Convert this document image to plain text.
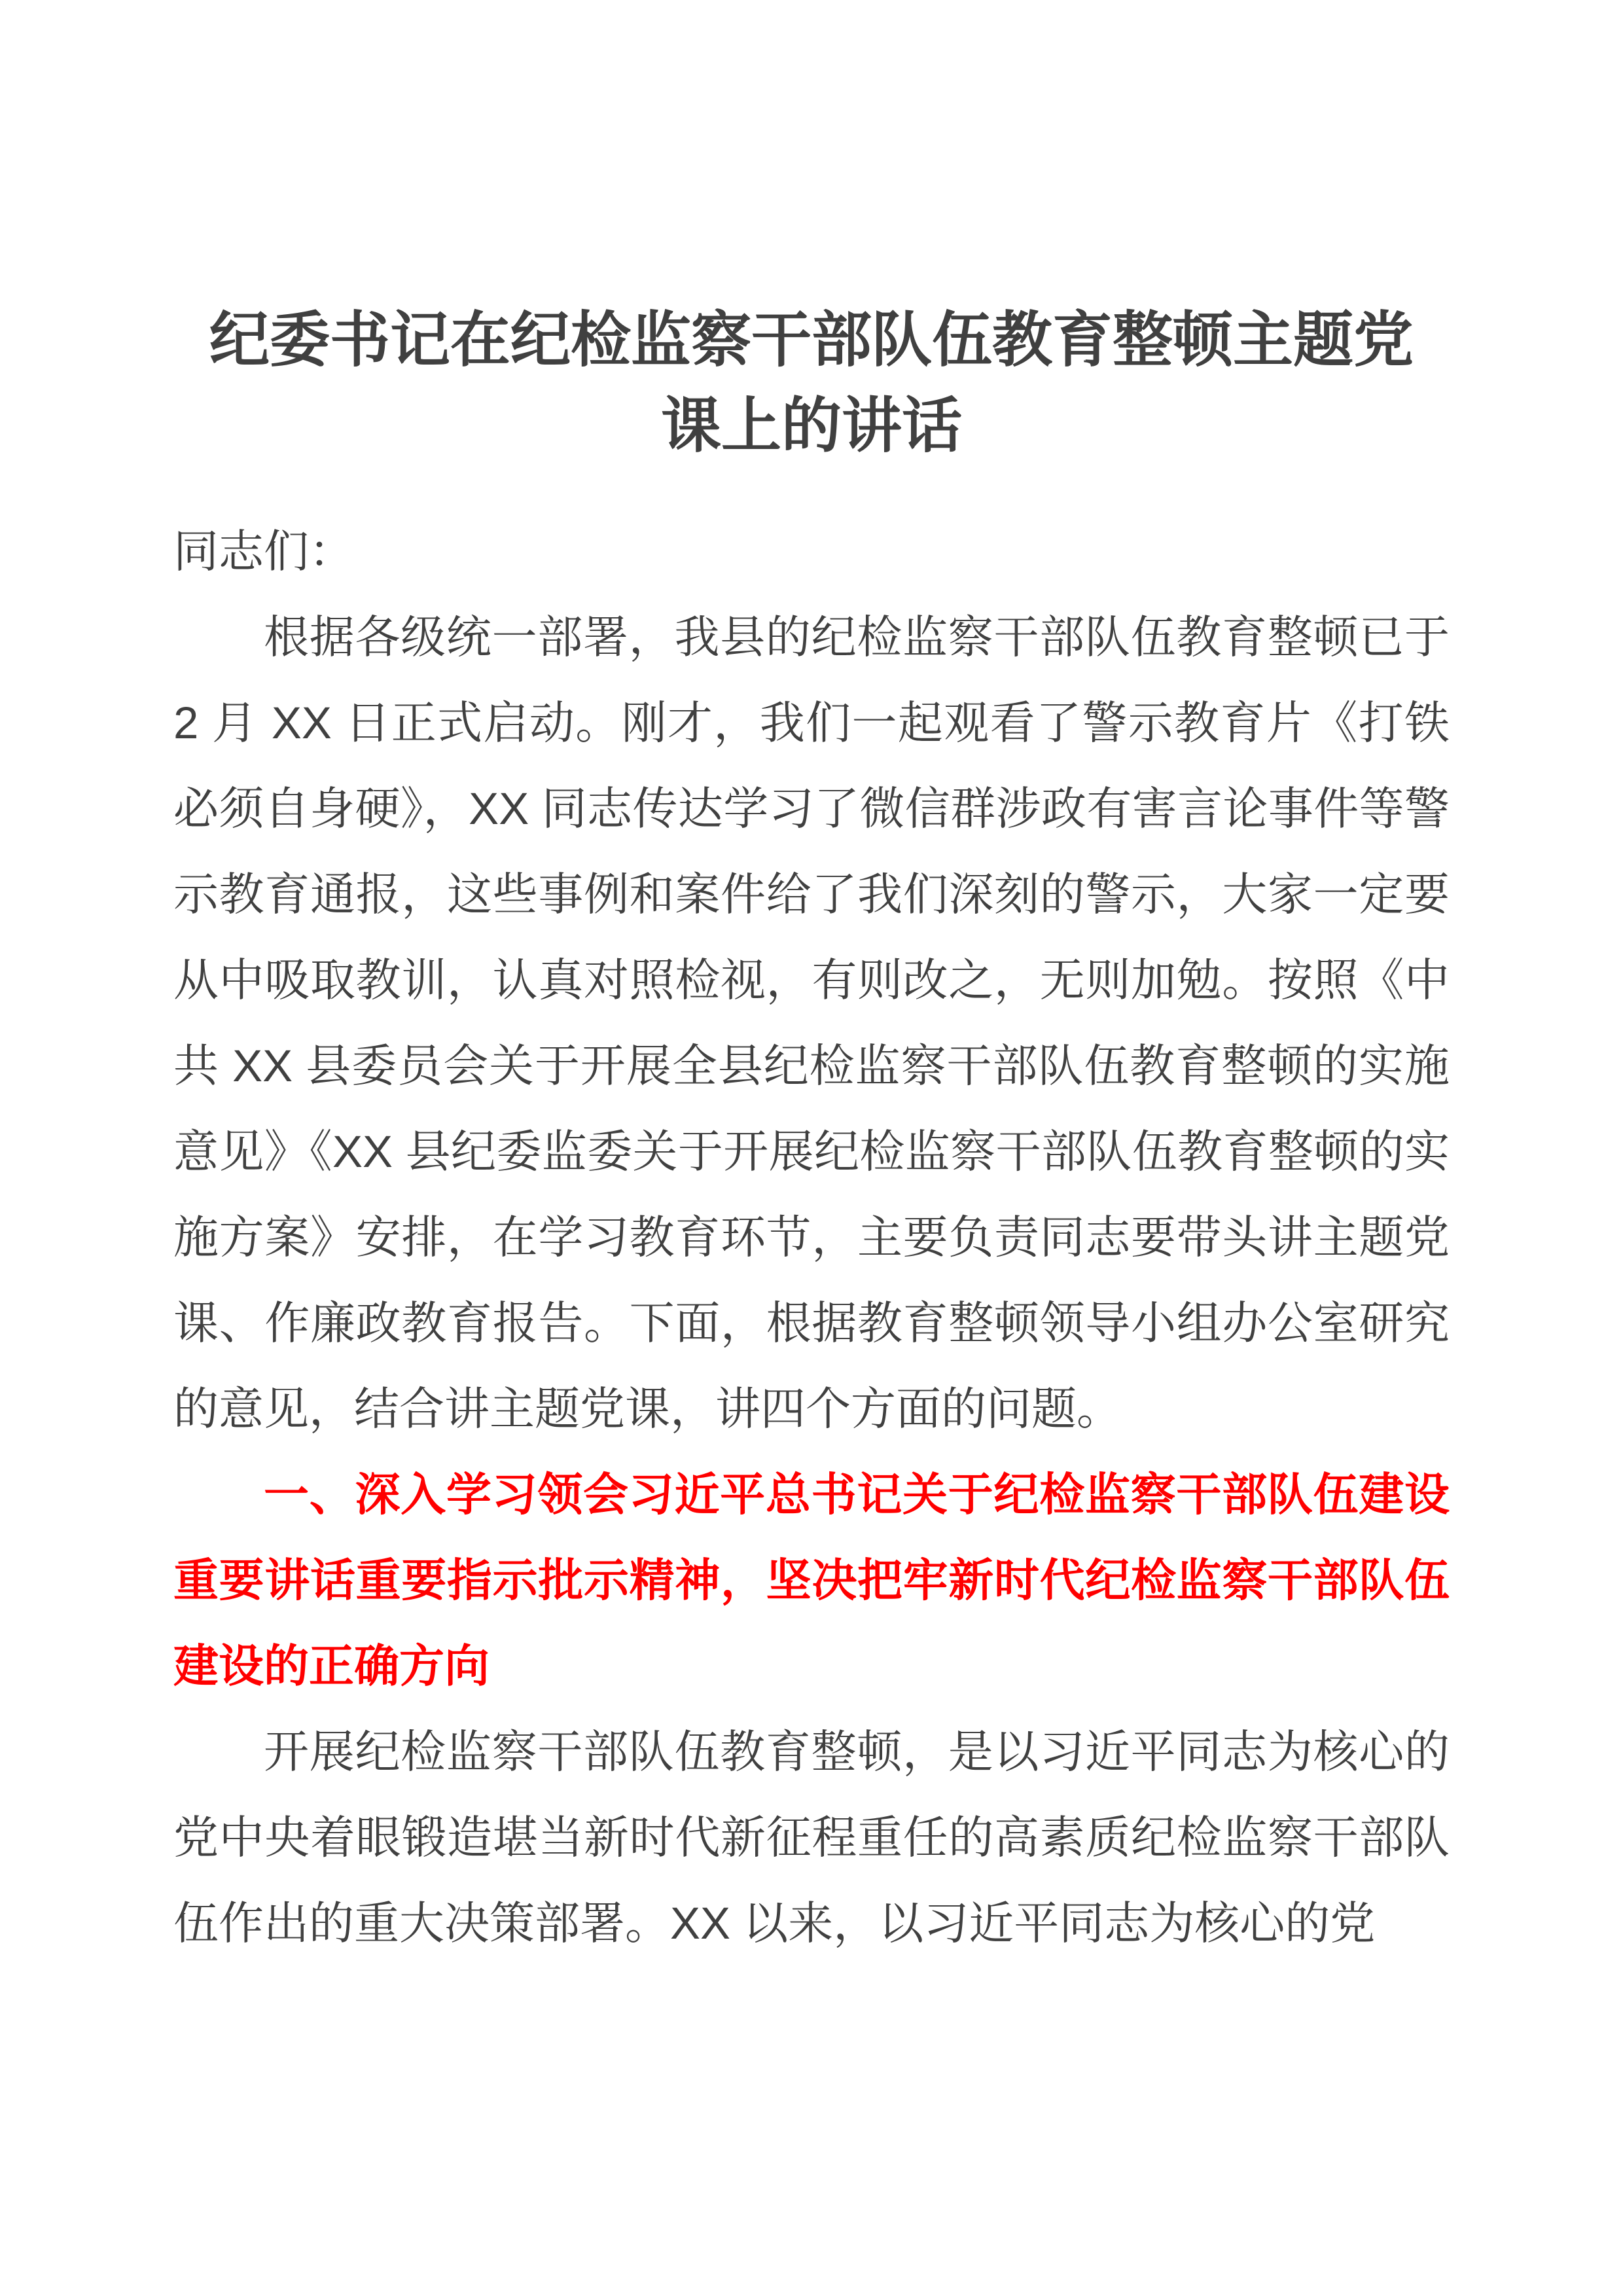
纪委书记在纪检监察干部队伍教育整顿主题党课上的讲话

同志们：

根据各级统一部署，我县的纪检监察干部队伍教育整顿已于 2 月 XX 日正式启动。刚才，我们一起观看了警示教育片《打铁必须自身硬》，XX 同志传达学习了微信群涉政有害言论事件等警示教育通报，这些事例和案件给了我们深刻的警示，大家一定要从中吸取教训，认真对照检视，有则改之，无则加勉。按照《中共 XX 县委员会关于开展全县纪检监察干部队伍教育整顿的实施意见》《XX 县纪委监委关于开展纪检监察干部队伍教育整顿的实施方案》安排，在学习教育环节，主要负责同志要带头讲主题党课、作廉政教育报告。下面，根据教育整顿领导小组办公室研究的意见，结合讲主题党课，讲四个方面的问题。

一、深入学习领会习近平总书记关于纪检监察干部队伍建设重要讲话重要指示批示精神，坚决把牢新时代纪检监察干部队伍建设的正确方向

开展纪检监察干部队伍教育整顿，是以习近平同志为核心的党中央着眼锻造堪当新时代新征程重任的高素质纪检监察干部队伍作出的重大决策部署。XX 以来，以习近平同志为核心的党
